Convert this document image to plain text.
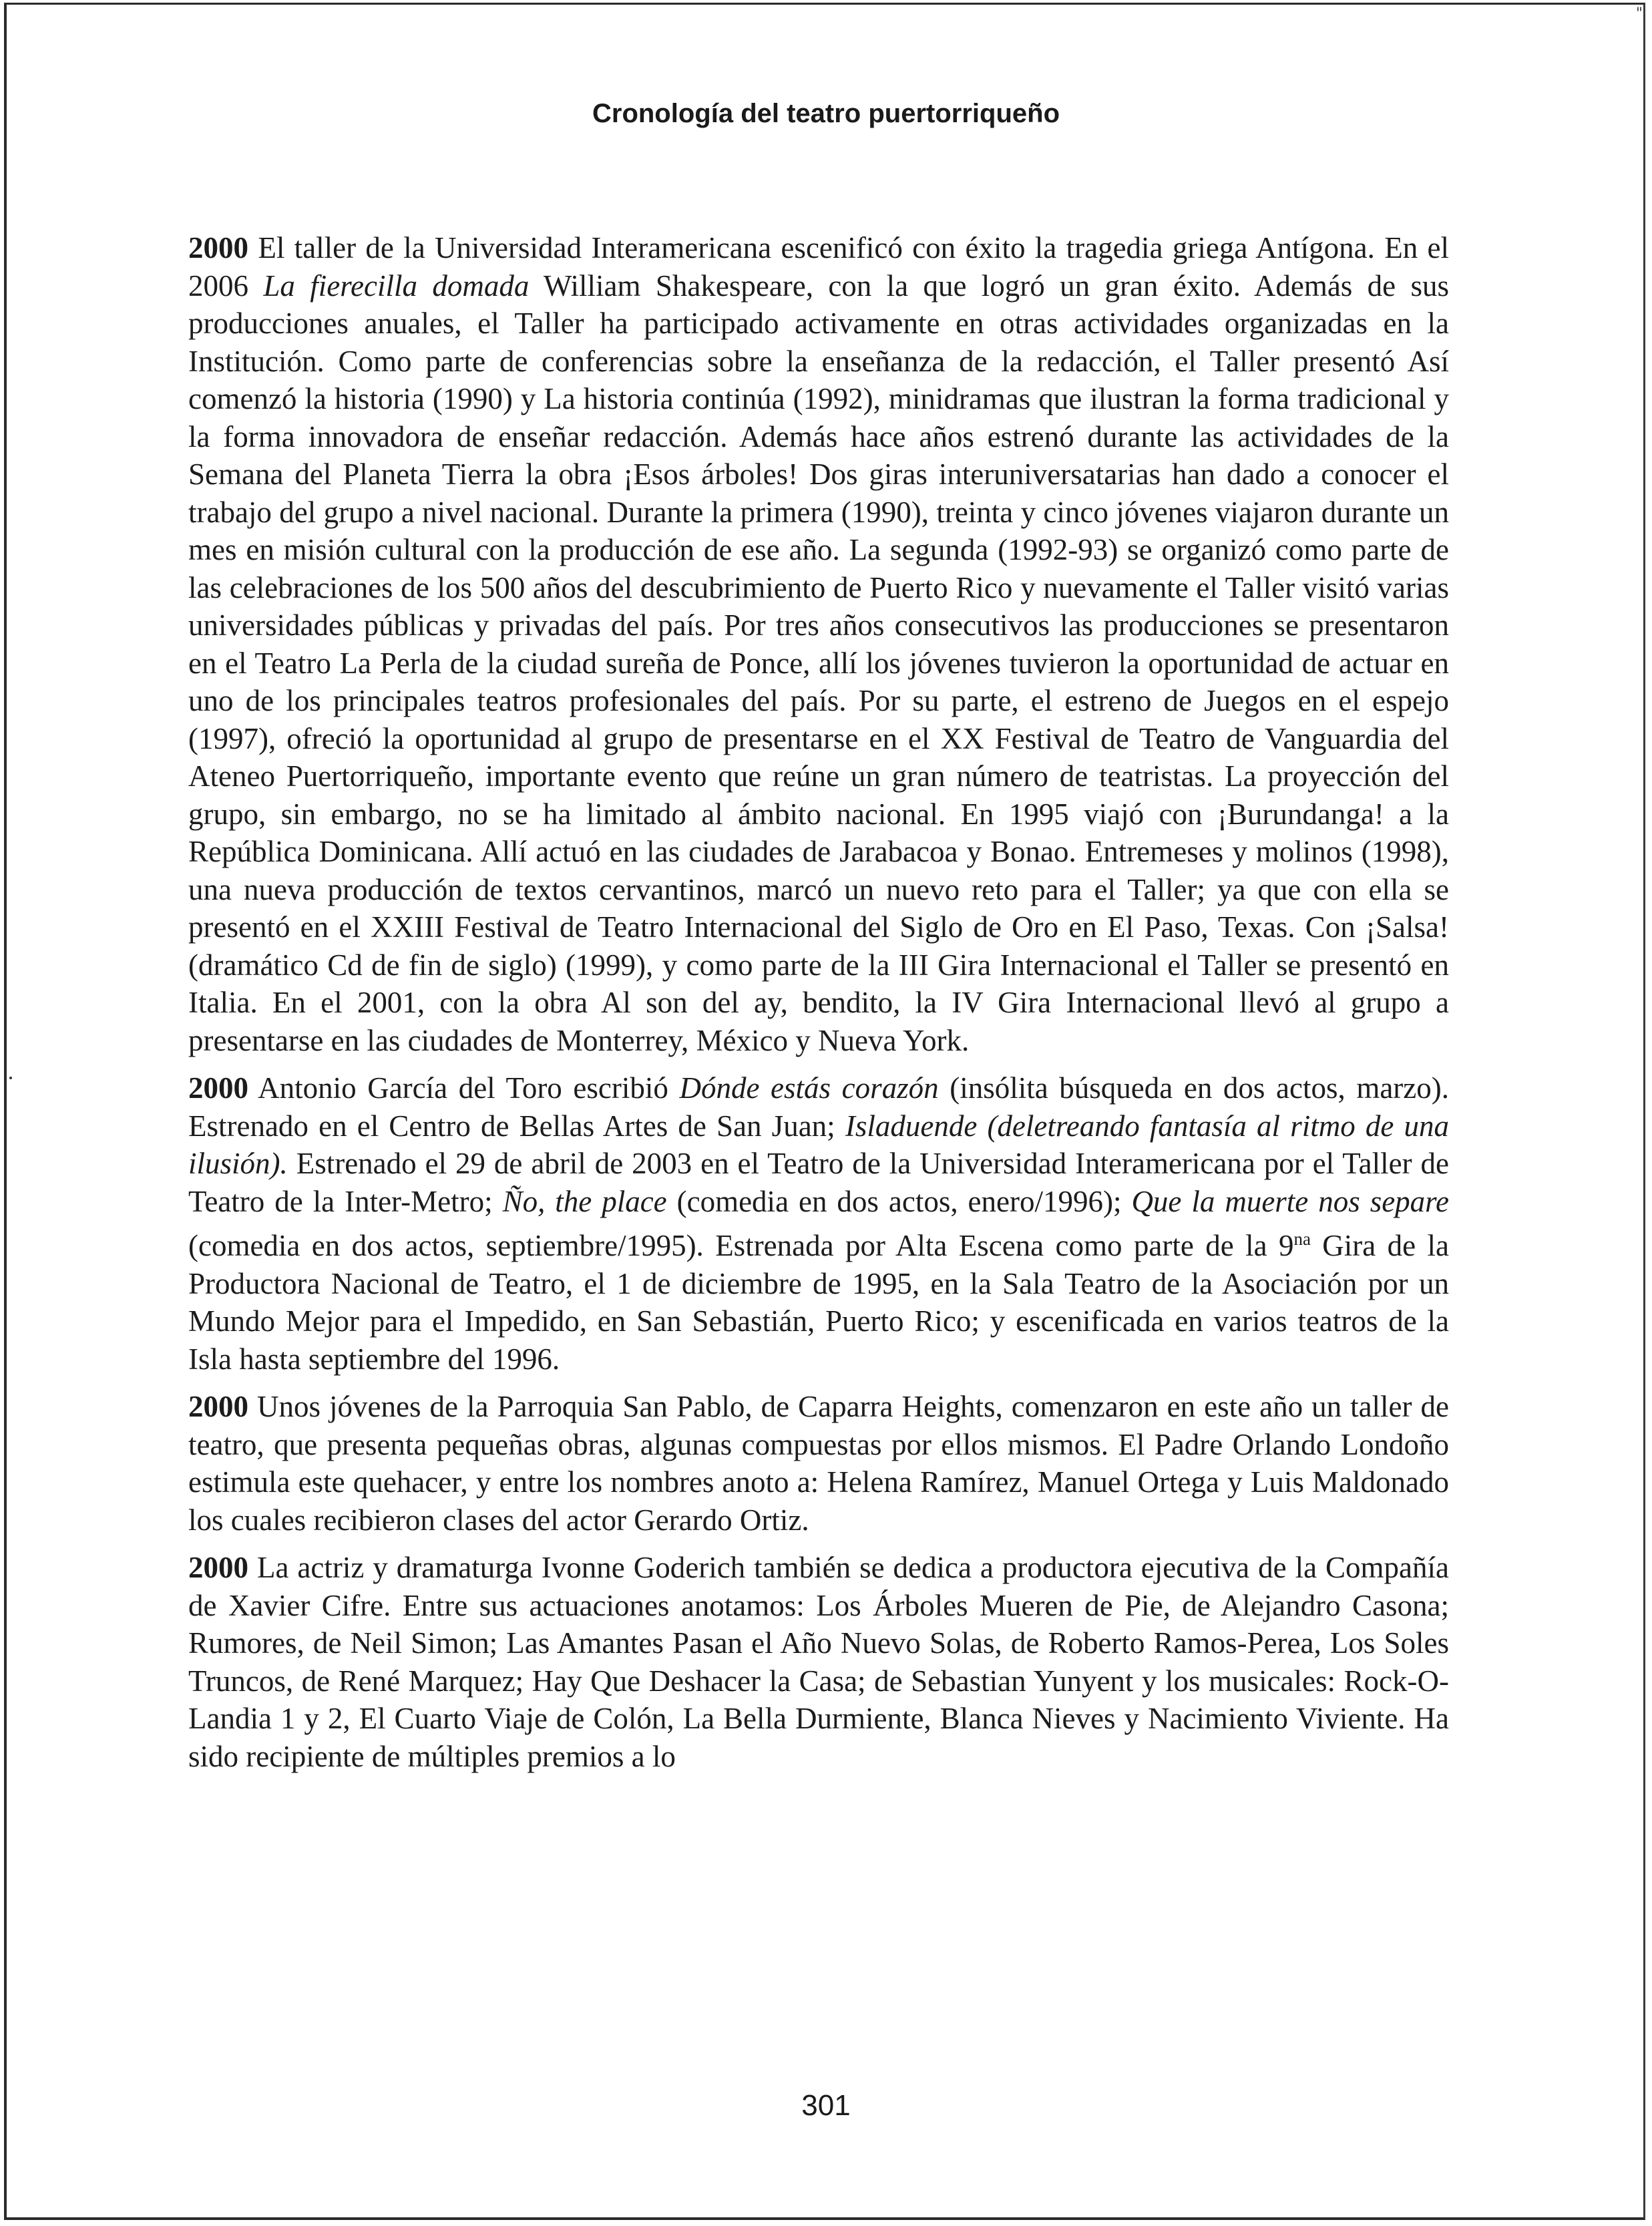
"
Cronología del teatro puertorriqueño

2000 El taller de la Universidad Interamericana escenificó con éxito la tragedia griega Antígona. En el 2006 La fierecilla domada William Shakespeare, con la que logró un gran éxito. Además de sus producciones anuales, el Taller ha participado activamente en otras actividades organizadas en la Institución. Como parte de conferencias sobre la enseñanza de la redacción, el Taller presentó Así comenzó la historia (1990) y La historia continúa (1992), minidramas que ilustran la forma tradicional y la forma innovadora de enseñar redacción. Además hace años estrenó durante las actividades de la Semana del Planeta Tierra la obra ¡Esos árboles! Dos giras interuniversatarias han dado a conocer el trabajo del grupo a nivel nacional. Durante la primera (1990), treinta y cinco jóvenes viajaron durante un mes en misión cultural con la producción de ese año. La segunda (1992-93) se organizó como parte de las celebraciones de los 500 años del descubrimiento de Puerto Rico y nuevamente el Taller visitó varias universidades públicas y privadas del país. Por tres años consecutivos las producciones se presentaron en el Teatro La Perla de la ciudad sureña de Ponce, allí los jóvenes tuvieron la oportunidad de actuar en uno de los principales teatros profesionales del país. Por su parte, el estreno de Juegos en el espejo (1997), ofreció la oportunidad al grupo de presentarse en el XX Festival de Teatro de Vanguardia del Ateneo Puertorriqueño, importante evento que reúne un gran número de teatristas. La proyección del grupo, sin embargo, no se ha limitado al ámbito nacional. En 1995 viajó con ¡Burundanga! a la República Dominicana. Allí actuó en las ciudades de Jarabacoa y Bonao. Entremeses y molinos (1998), una nueva producción de textos cervantinos, marcó un nuevo reto para el Taller; ya que con ella se presentó en el XXIII Festival de Teatro Internacional del Siglo de Oro en El Paso, Texas. Con ¡Salsa! (dramático Cd de fin de siglo) (1999), y como parte de la III Gira Internacional el Taller se presentó en Italia. En el 2001, con la obra Al son del ay, bendito, la IV Gira Internacional llevó al grupo a presentarse en las ciudades de Monterrey, México y Nueva York.

2000 Antonio García del Toro escribió Dónde estás corazón (insólita búsqueda en dos actos, marzo). Estrenado en el Centro de Bellas Artes de San Juan; Isladuende (deletreando fantasía al ritmo de una ilusión). Estrenado el 29 de abril de 2003 en el Teatro de la Universidad Interamericana por el Taller de Teatro de la Inter-Metro; Ño, the place (comedia en dos actos, enero/1996); Que la muerte nos separe (comedia en dos actos, septiembre/1995). Estrenada por Alta Escena como parte de la $9^{na}$ Gira de la Productora Nacional de Teatro, el 1 de diciembre de 1995, en la Sala Teatro de la Asociación por un Mundo Mejor para el Impedido, en San Sebastián, Puerto Rico; y escenificada en varios teatros de la Isla hasta septiembre del 1996.

2000 Unos jóvenes de la Parroquia San Pablo, de Caparra Heights, comenzaron en este año un taller de teatro, que presenta pequeñas obras, algunas compuestas por ellos mismos. El Padre Orlando Londoño estimula este quehacer, y entre los nombres anoto a: Helena Ramírez, Manuel Ortega y Luis Maldonado los cuales recibieron clases del actor Gerardo Ortiz.

2000 La actriz y dramaturga Ivonne Goderich también se dedica a productora ejecutiva de la Compañía de Xavier Cifre. Entre sus actuaciones anotamos: Los Árboles Mueren de Pie, de Alejandro Casona; Rumores, de Neil Simon; Las Amantes Pasan el Año Nuevo Solas, de Roberto Ramos-Perea, Los Soles Truncos, de René Marquez; Hay Que Deshacer la Casa; de Sebastian Yunyent y los musicales: Rock-O-Landia 1 y 2, El Cuarto Viaje de Colón, La Bella Durmiente, Blanca Nieves y Nacimiento Viviente. Ha sido recipiente de múltiples premios a lo

301
